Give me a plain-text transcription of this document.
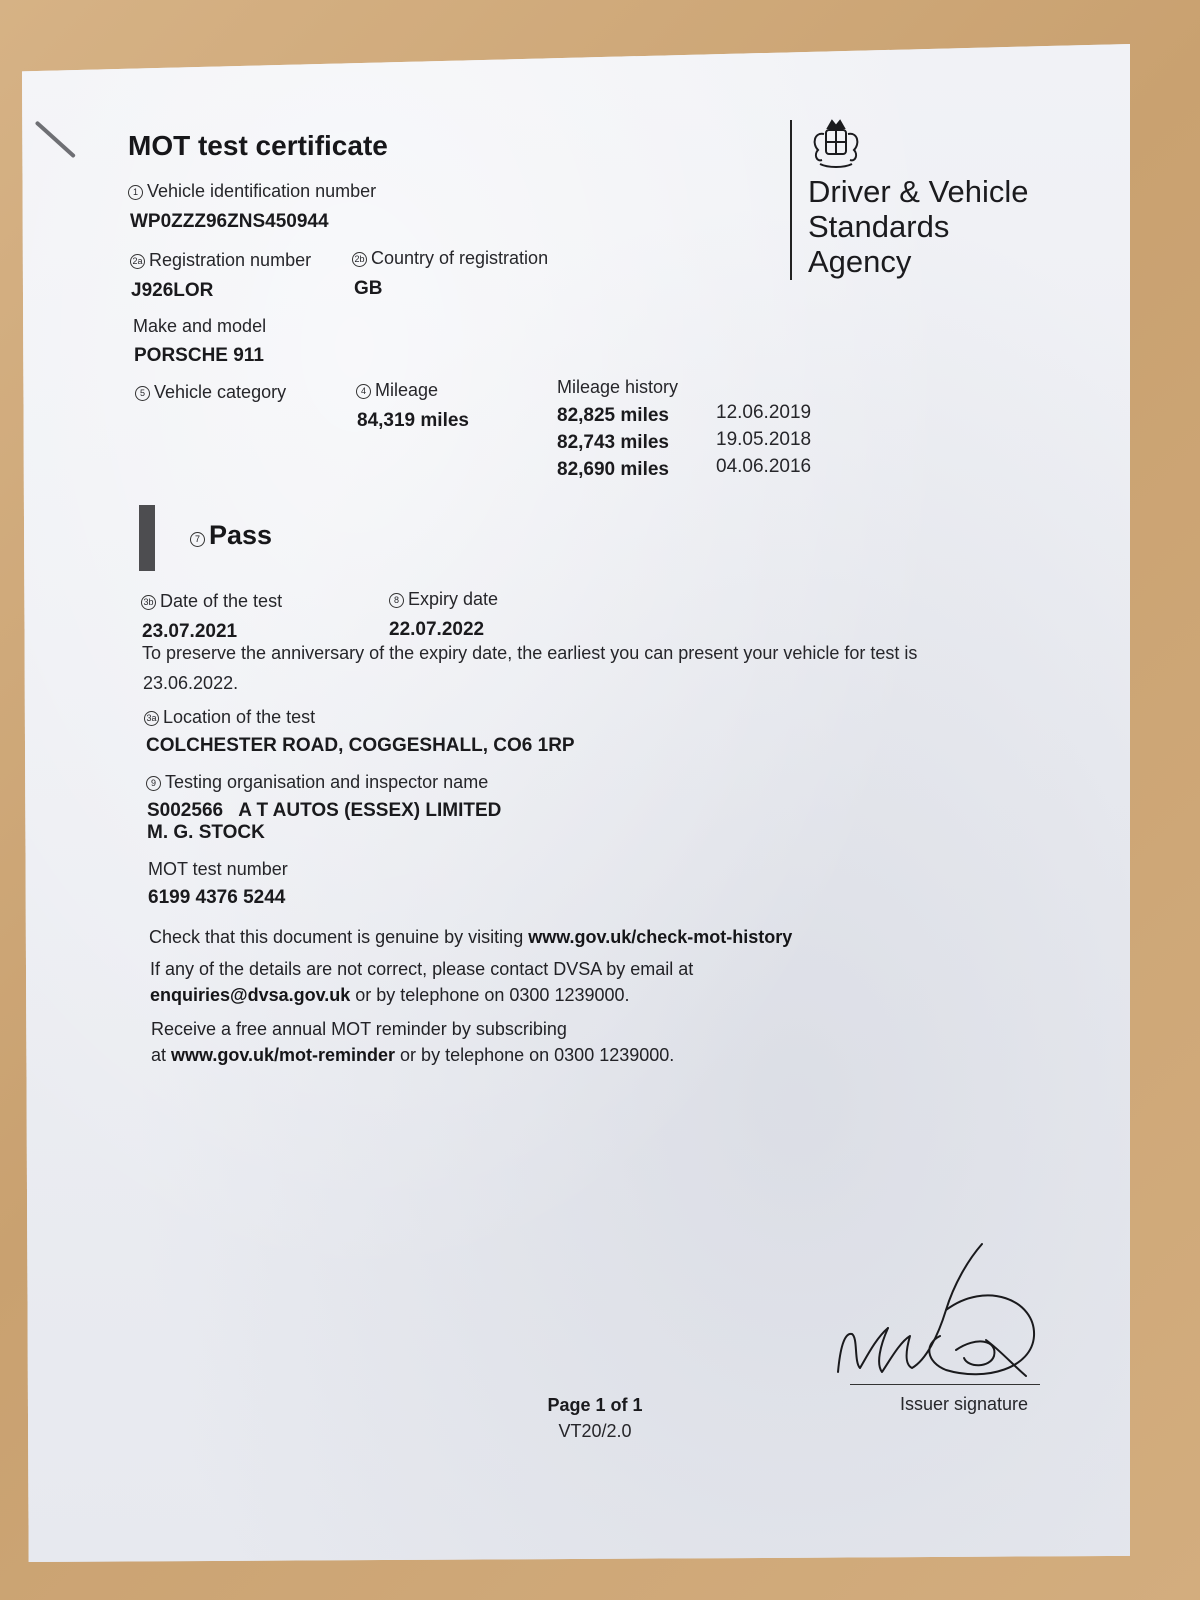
MOT test certificate
1 Vehicle identification number
WP0ZZZ96ZNS450944
2a Registration number
J926LOR
2b Country of registration
GB
Make and model
PORSCHE 911
5 Vehicle category	4 Mileage
84,319 miles
Mileage history
82,825 miles 12.06.2019
82,743 miles 19.05.2018
82,690 miles 04.06.2016
Driver & Vehicle
Standards
Agency
7 Pass
3b Date of the test
23.07.2021
8 Expiry date
22.07.2022
To preserve the anniversary of the expiry date, the earliest you can present your vehicle for test is
23.06.2022.
3a Location of the test
COLCHESTER ROAD, COGGESHALL, CO6 1RP
9 Testing organisation and inspector name
S002566   A T AUTOS (ESSEX) LIMITED
M. G. STOCK
MOT test number
6199 4376 5244
Check that this document is genuine by visiting www.gov.uk/check-mot-history
If any of the details are not correct, please contact DVSA by email at
enquiries@dvsa.gov.uk or by telephone on 0300 1239000.
Receive a free annual MOT reminder by subscribing
at www.gov.uk/mot-reminder or by telephone on 0300 1239000.
Page 1 of 1
VT20/2.0
Issuer signature
